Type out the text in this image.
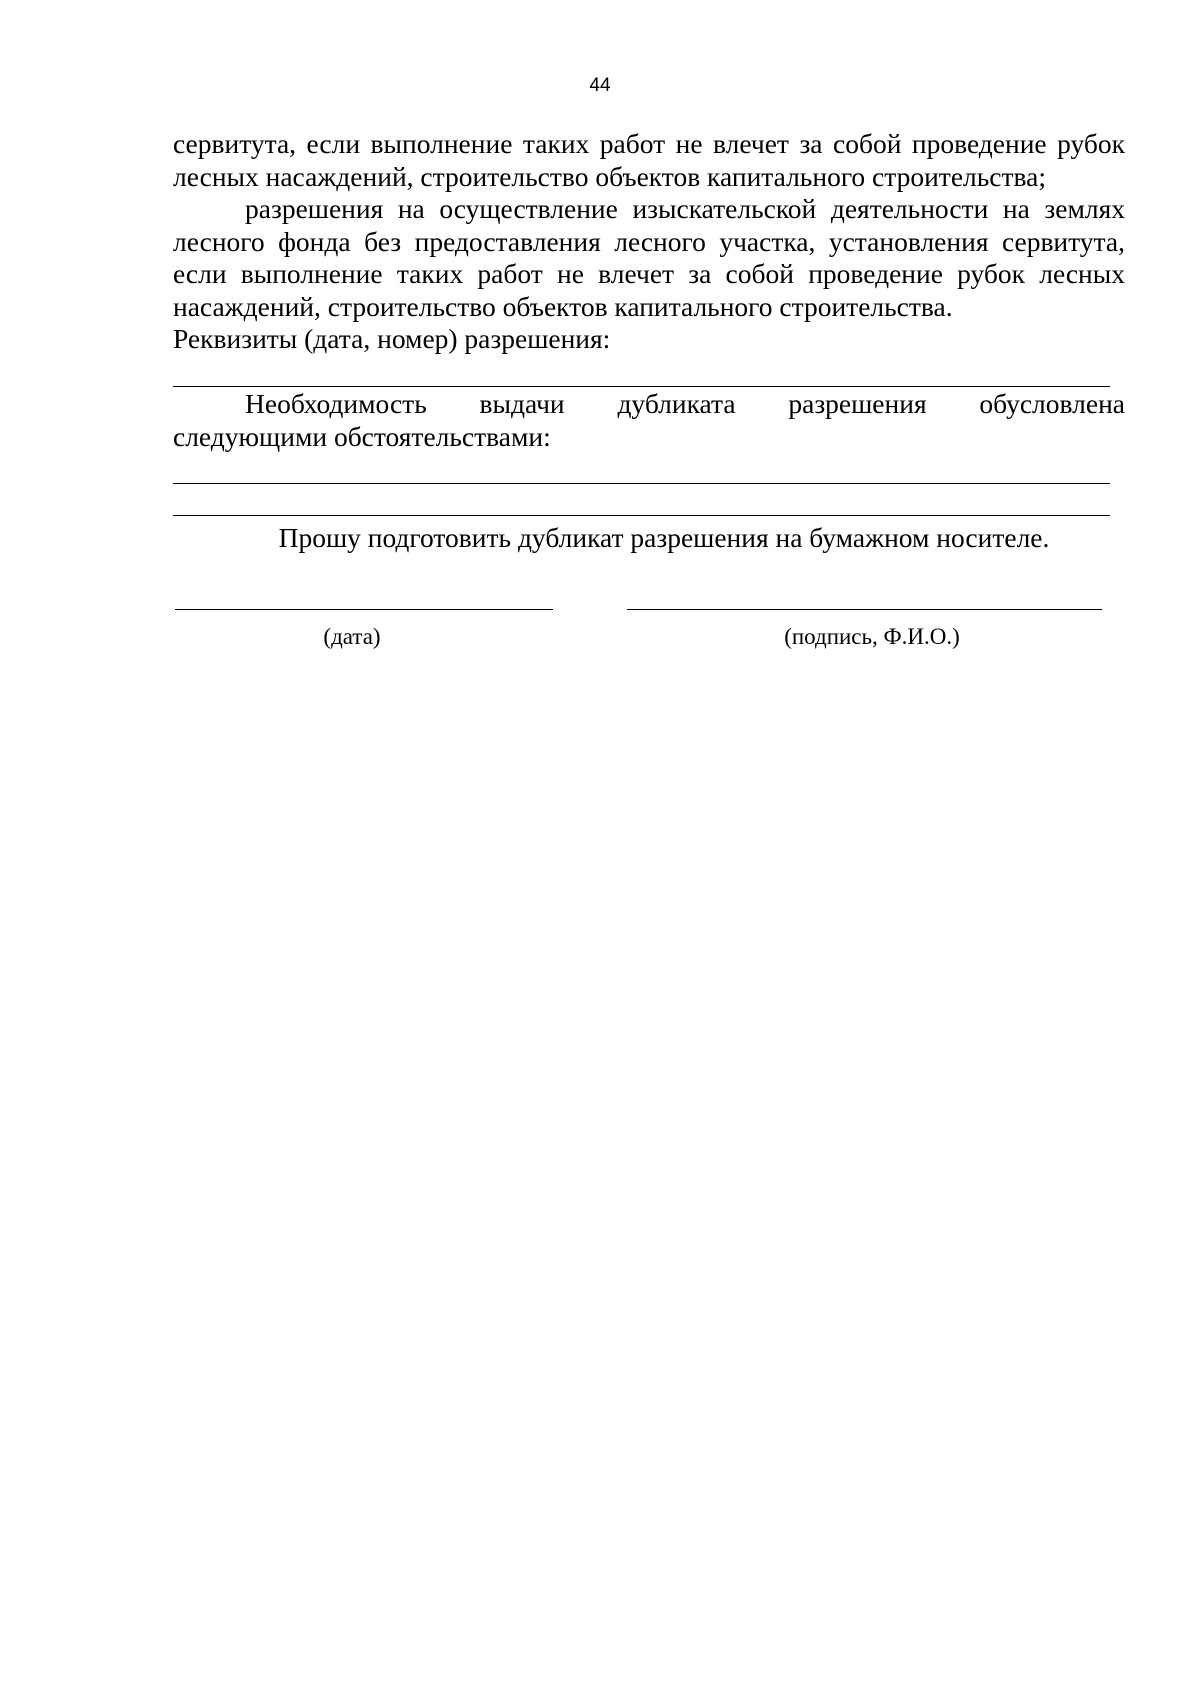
44

сервитута, если выполнение таких работ не влечет за собой проведение рубок лесных насаждений, строительство объектов капитального строительства;

разрешения на осуществление изыскательской деятельности на землях лесного фонда без предоставления лесного участка, установления сервитута, если выполнение таких работ не влечет за собой проведение рубок лесных насаждений, строительство объектов капитального строительства.

Реквизиты (дата, номер) разрешения:

Необходимость выдачи дубликата разрешения обусловлена

следующими обстоятельствами:

Прошу подготовить дубликат разрешения на бумажном носителе.
(дата)	(подпись, Ф.И.О.)
